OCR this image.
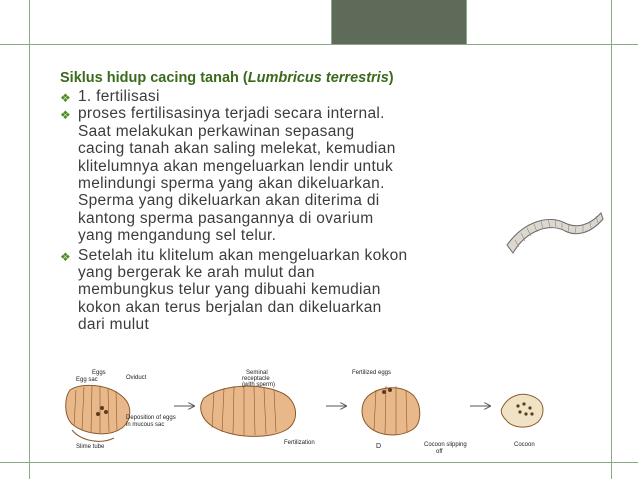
Siklus hidup cacing tanah (Lumbricus terrestris)
❖ 1. fertilisasi
❖ proses fertilisasinya terjadi secara internal.
Saat melakukan perkawinan sepasang
cacing tanah akan saling melekat, kemudian
klitelumnya akan mengeluarkan lendir untuk
melindungi sperma yang akan dikeluarkan.
Sperma yang dikeluarkan akan diterima di
kantong sperma pasangannya di ovarium
yang mengandung sel telur.
❖ Setelah itu klitelum akan mengeluarkan kokon
yang bergerak ke arah mulut dan
membungkus telur yang dibuahi kemudian
kokon akan terus berjalan dan dikeluarkan
dari mulut
Eggs
Egg sac	Oviduct
Deposition of eggs
in mucous sac
Slime tube
Seminal
receptacle
(with sperm)
Fertilization
Fertilized eggs
D	Cocoon slipping
off
Cocoon
